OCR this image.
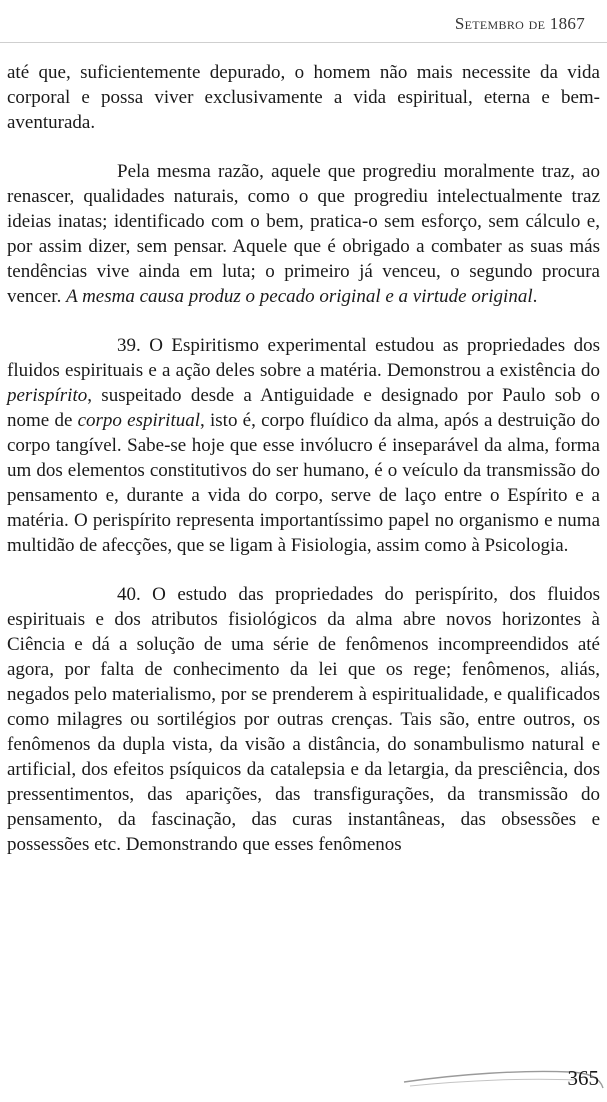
Setembro de 1867

até que, suficientemente depurado, o homem não mais necessite da vida corporal e possa viver exclusivamente a vida espiritual, eterna e bem-aventurada.

Pela mesma razão, aquele que progrediu moralmente traz, ao renascer, qualidades naturais, como o que progrediu intelectualmente traz ideias inatas; identificado com o bem, pratica-o sem esforço, sem cálculo e, por assim dizer, sem pensar. Aquele que é obrigado a combater as suas más tendências vive ainda em luta; o primeiro já venceu, o segundo procura vencer. A mesma causa produz o pecado original e a virtude original.

39. O Espiritismo experimental estudou as propriedades dos fluidos espirituais e a ação deles sobre a matéria. Demonstrou a existência do perispírito, suspeitado desde a Antiguidade e designado por Paulo sob o nome de corpo espiritual, isto é, corpo fluídico da alma, após a destruição do corpo tangível. Sabe-se hoje que esse invólucro é inseparável da alma, forma um dos elementos constitutivos do ser humano, é o veículo da transmissão do pensamento e, durante a vida do corpo, serve de laço entre o Espírito e a matéria. O perispírito representa importantíssimo papel no organismo e numa multidão de afecções, que se ligam à Fisiologia, assim como à Psicologia.

40. O estudo das propriedades do perispírito, dos fluidos espirituais e dos atributos fisiológicos da alma abre novos horizontes à Ciência e dá a solução de uma série de fenômenos incompreendidos até agora, por falta de conhecimento da lei que os rege; fenômenos, aliás, negados pelo materialismo, por se prenderem à espiritualidade, e qualificados como milagres ou sortilégios por outras crenças. Tais são, entre outros, os fenômenos da dupla vista, da visão a distância, do sonambulismo natural e artificial, dos efeitos psíquicos da catalepsia e da letargia, da presciência, dos pressentimentos, das aparições, das transfigurações, da transmissão do pensamento, da fascinação, das curas instantâneas, das obsessões e possessões etc. Demonstrando que esses fenômenos

365
